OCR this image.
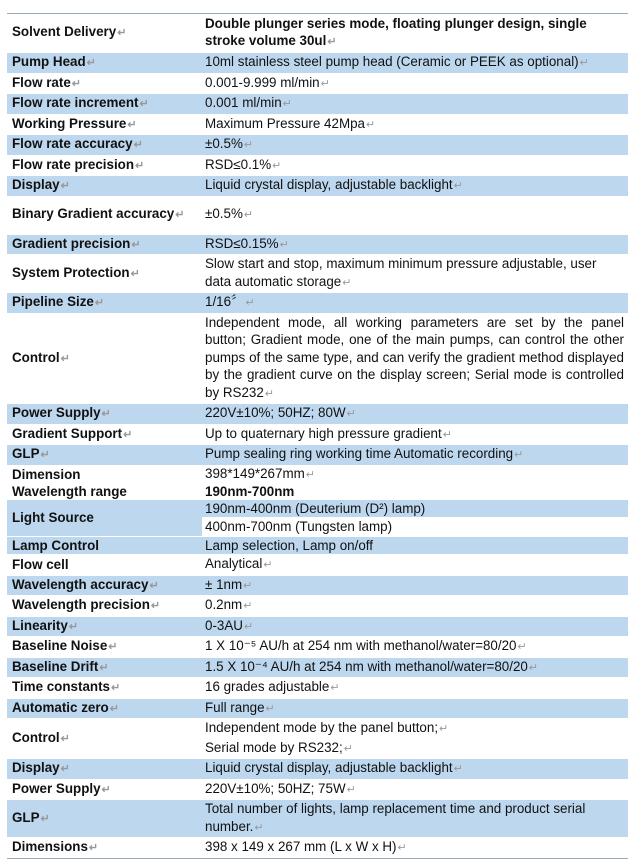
Solvent Delivery↵	Double plunger series mode, floating plunger design, single stroke volume 30ul↵
Pump Head↵	10ml stainless steel pump head (Ceramic or PEEK as optional)↵
Flow rate↵	0.001-9.999 ml/min↵
Flow rate increment↵	0.001 ml/min↵
Working Pressure↵	Maximum Pressure 42Mpa↵
Flow rate accuracy↵	±0.5%↵
Flow rate precision↵	RSD≤0.1%↵
Display↵	Liquid crystal display, adjustable backlight↵
Binary Gradient accuracy↵	±0.5%↵
Gradient precision↵	RSD≤0.15%↵
System Protection↵	Slow start and stop, maximum minimum pressure adjustable, user data automatic storage↵
Pipeline Size↵	1/16〞↵
Control↵	Independent mode, all working parameters are set by the panel button; Gradient mode, one of the main pumps, can control the other pumps of the same type, and can verify the gradient method displayed by the gradient curve on the display screen; Serial mode is controlled by RS232↵
Power Supply↵	220V±10%; 50HZ; 80W↵
Gradient Support↵	Up to quaternary high pressure gradient↵
GLP↵	Pump sealing ring working time Automatic recording↵
Dimension	398*149*267mm↵
Wavelength range	190nm-700nm
Light Source	190nm-400nm (Deuterium (D²) lamp)
400nm-700nm (Tungsten lamp)

Lamp Control	Lamp selection, Lamp on/off
Flow cell	Analytical↵
Wavelength accuracy↵	± 1nm↵
Wavelength precision↵	0.2nm↵
Linearity↵	0-3AU↵
Baseline Noise↵	1 X 10⁻⁵ AU/h at 254 nm with methanol/water=80/20↵
Baseline Drift↵	1.5 X 10⁻⁴ AU/h at 254 nm with methanol/water=80/20↵
Time constants↵	16 grades adjustable↵
Automatic zero↵	Full range↵
Control↵	Independent mode by the panel button;↵
Serial mode by RS232;↵

Display↵	Liquid crystal display, adjustable backlight↵
Power Supply↵	220V±10%; 50HZ; 75W↵
GLP↵	Total number of lights, lamp replacement time and product serial number.↵
Dimensions↵	398 x 149 x 267 mm (L x W x H)↵
